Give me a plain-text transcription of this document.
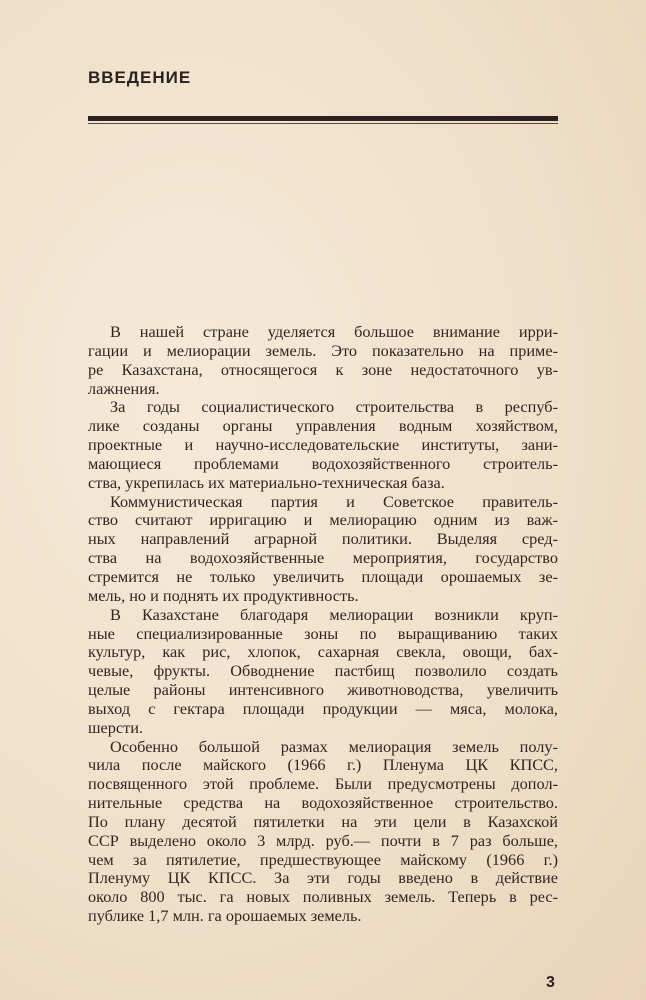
ВВЕДЕНИЕ
В нашей стране уделяется большое внимание ирри-
гации и мелиорации земель. Это показательно на приме-
ре Казахстана, относящегося к зоне недостаточного ув-
лажнения.
За годы социалистического строительства в респуб-
лике созданы органы управления водным хозяйством,
проектные и научно-исследовательские институты, зани-
мающиеся проблемами водохозяйственного строитель-
ства, укрепилась их материально-техническая база.
Коммунистическая партия и Советское правитель-
ство считают ирригацию и мелиорацию одним из важ-
ных направлений аграрной политики. Выделяя сред-
ства на водохозяйственные мероприятия, государство
стремится не только увеличить площади орошаемых зе-
мель, но и поднять их продуктивность.
В Казахстане благодаря мелиорации возникли круп-
ные специализированные зоны по выращиванию таких
культур, как рис, хлопок, сахарная свекла, овощи, бах-
чевые, фрукты. Обводнение пастбищ позволило создать
целые районы интенсивного животноводства, увеличить
выход с гектара площади продукции — мяса, молока,
шерсти.
Особенно большой размах мелиорация земель полу-
чила после майского (1966 г.) Пленума ЦК КПСС,
посвященного этой проблеме. Были предусмотрены допол-
нительные средства на водохозяйственное строительство.
По плану десятой пятилетки на эти цели в Казахской
ССР выделено около 3 млрд. руб.— почти в 7 раз больше,
чем за пятилетие, предшествующее майскому (1966 г.)
Пленуму ЦК КПСС. За эти годы введено в действие
около 800 тыс. га новых поливных земель. Теперь в рес-
публике 1,7 млн. га орошаемых земель.
3
